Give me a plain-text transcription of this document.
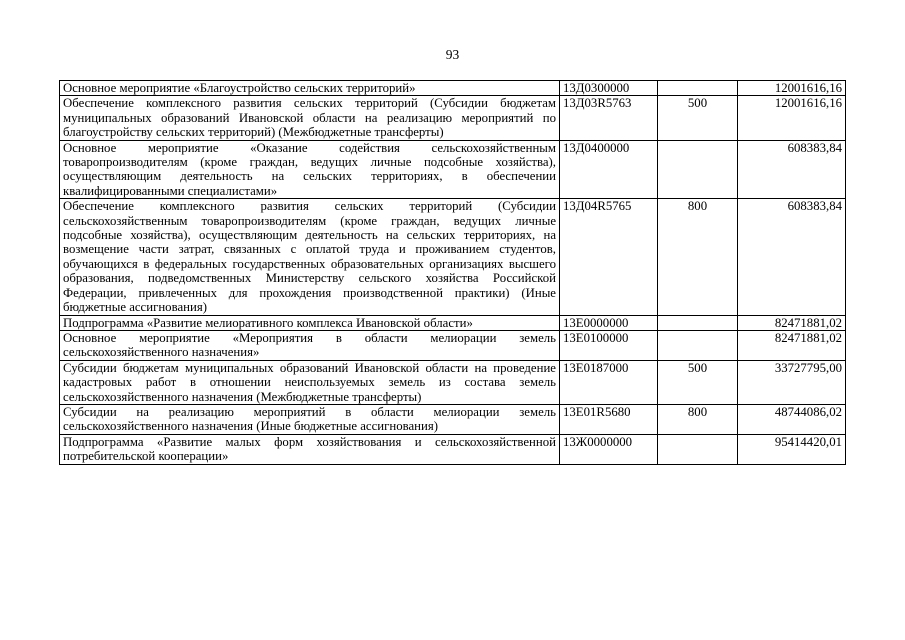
93
Основное мероприятие «Благоустройство сельских территорий»	13Д0300000		12001616,16
Обеспечение комплексного развития сельских территорий (Субсидии бюджетам муниципальных образований Ивановской области на реализацию мероприятий по благоустройству сельских территорий) (Межбюджетные трансферты)	13Д03R5763	500	12001616,16
Основное мероприятие «Оказание содействия сельскохозяйственным товаропроизводителям (кроме граждан, ведущих личные подсобные хозяйства), осуществляющим деятельность на сельских территориях, в обеспечении квалифицированными специалистами»	13Д0400000		608383,84
Обеспечение комплексного развития сельских территорий (Субсидии сельскохозяйственным товаропроизводителям (кроме граждан, ведущих личные подсобные хозяйства), осуществляющим деятельность на сельских территориях, на возмещение части затрат, связанных с оплатой труда и проживанием студентов, обучающихся в федеральных государственных образовательных организациях высшего образования, подведомственных Министерству сельского хозяйства Российской Федерации, привлеченных для прохождения производственной практики) (Иные бюджетные ассигнования)	13Д04R5765	800	608383,84
Подпрограмма «Развитие мелиоративного комплекса Ивановской области»	13Е0000000		82471881,02
Основное мероприятие «Мероприятия в области мелиорации земель сельскохозяйственного назначения»	13Е0100000		82471881,02
Субсидии бюджетам муниципальных образований Ивановской области на проведение кадастровых работ в отношении неиспользуемых земель из состава земель сельскохозяйственного назначения (Межбюджетные трансферты)	13Е0187000	500	33727795,00
Субсидии на реализацию мероприятий в области мелиорации земель сельскохозяйственного назначения (Иные бюджетные ассигнования)	13Е01R5680	800	48744086,02
Подпрограмма «Развитие малых форм хозяйствования и сельскохозяйственной потребительской кооперации»	13Ж0000000		95414420,01
